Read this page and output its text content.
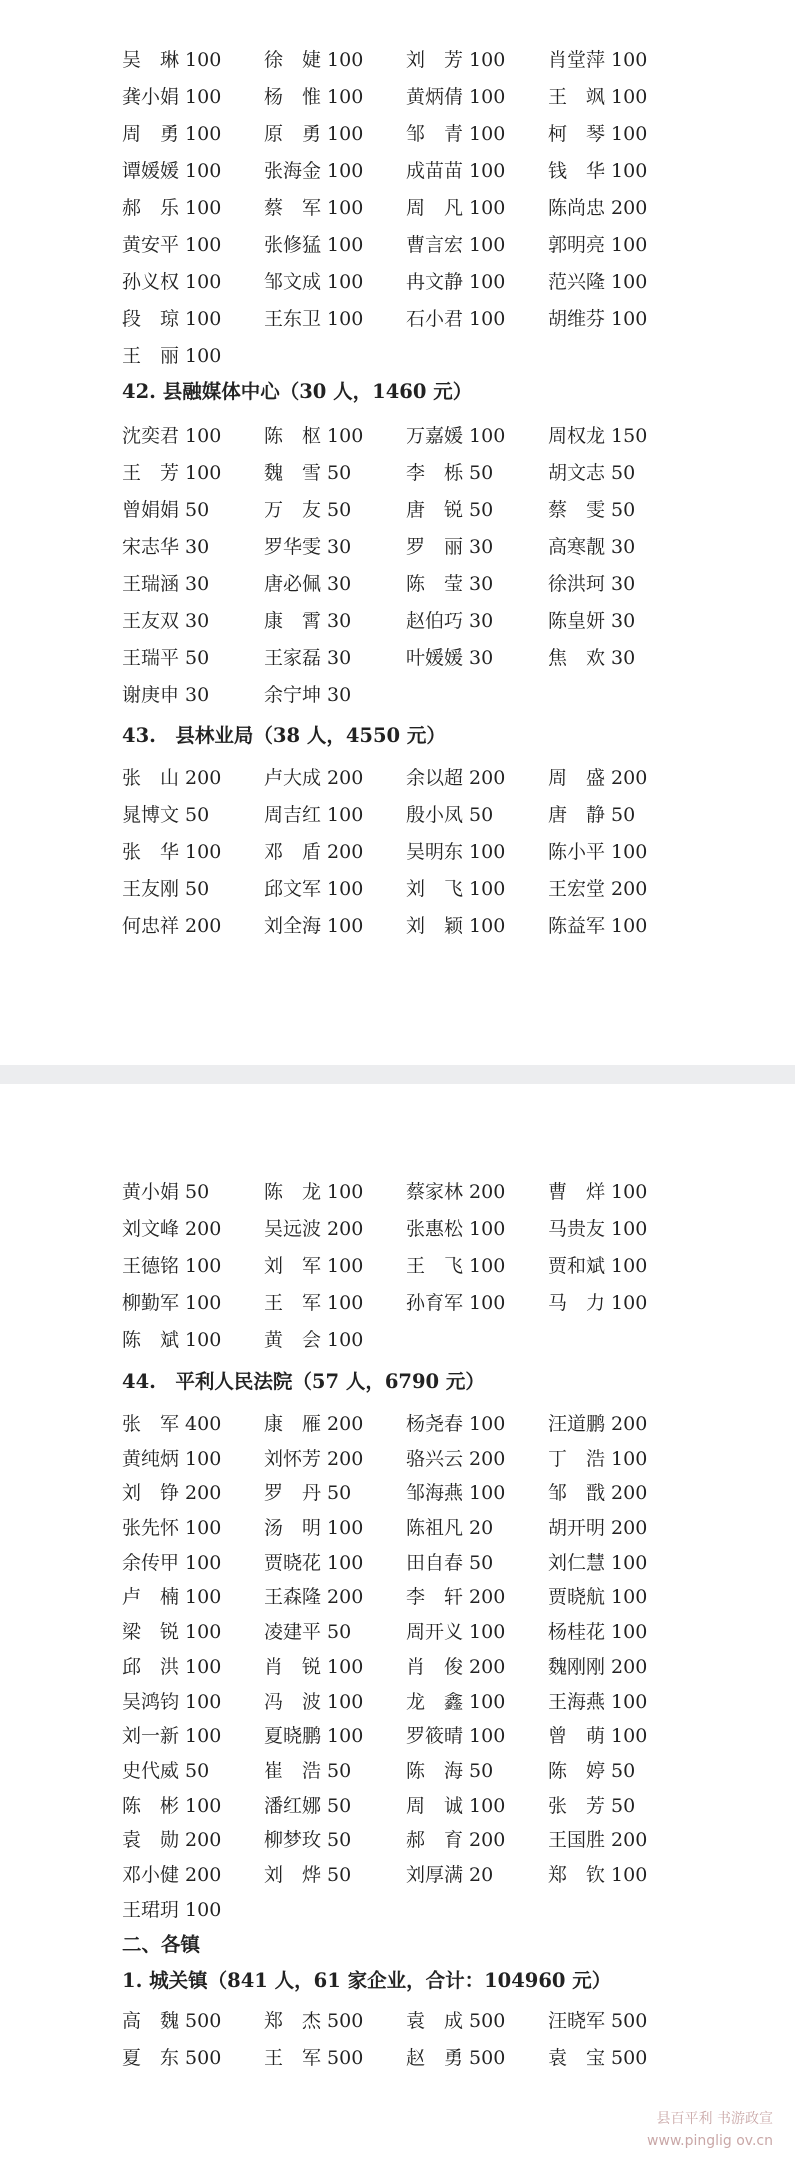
吴　琳 100 徐　婕 100 刘　芳 100 肖堂萍 100
龚小娟 100 杨　惟 100 黄炳倩 100 王　飒 100
周　勇 100 原　勇 100 邹　青 100 柯　琴 100
谭媛媛 100 张海金 100 成苗苗 100 钱　华 100
郝　乐 100 蔡　军 100 周　凡 100 陈尚忠 200
黄安平 100 张修猛 100 曹言宏 100 郭明亮 100
孙义权 100 邹文成 100 冉文静 100 范兴隆 100
段　琼 100 王东卫 100 石小君 100 胡维芬 100
王　丽 100
42. 县融媒体中心（30 人，1460 元）
沈奕君 100 陈　枢 100 万嘉媛 100 周权龙 150
王　芳 100 魏　雪 50	李　栎 50	胡文志 50
曾娟娟 50	万　友 50	唐　锐 50	蔡　雯 50
宋志华 30	罗华雯 30	罗　丽 30	高寒靓 30
王瑞涵 30	唐必佩 30	陈　莹 30	徐洪珂 30
王友双 30	康　霄 30	赵伯巧 30	陈皇妍 30
王瑞平 50	王家磊 30	叶媛媛 30	焦　欢 30
谢庚申 30	余宁坤 30
43.　县林业局（38 人，4550 元）
张　山 200 卢大成 200 余以超 200 周　盛 200
晁博文 50	周吉红 100 殷小凤 50	唐　静 50
张　华 100 邓　盾 200 吴明东 100 陈小平 100
王友刚 50	邱文军 100 刘　飞 100 王宏堂 200
何忠祥 200 刘全海 100 刘　颖 100 陈益军 100
黄小娟 50	陈　龙 100 蔡家林 200 曹　烊 100
刘文峰 200 吴远波 200 张惠松 100 马贵友 100
王德铭 100 刘　军 100 王　飞 100 贾和斌 100
柳勤军 100 王　军 100 孙育军 100 马　力 100
陈　斌 100 黄　会 100
44.　平利人民法院（57 人，6790 元）
张　军 400 康　雁 200 杨尧春 100 汪道鹏 200
黄纯炳 100 刘怀芳 200 骆兴云 200 丁　浩 100
刘　铮 200 罗　丹 50	邹海燕 100 邹　戬 200
张先怀 100 汤　明 100 陈祖凡 20	胡开明 200
余传甲 100 贾晓花 100 田自春 50	刘仁慧 100
卢　楠 100 王森隆 200 李　轩 200 贾晓航 100
梁　锐 100 凌建平 50	周开义 100 杨桂花 100
邱　洪 100 肖　锐 100 肖　俊 200 魏刚刚 200
吴鸿钧 100 冯　波 100 龙　鑫 100 王海燕 100
刘一新 100 夏晓鹏 100 罗筱晴 100 曾　萌 100
史代威 50	崔　浩 50	陈　海 50	陈　婷 50
陈　彬 100 潘红娜 50	周　诚 100 张　芳 50
袁　勋 200 柳梦玫 50	郝　育 200 王国胜 200
邓小健 200 刘　烨 50	刘厚满 20	郑　钦 100
王珺玥 100
二、各镇
1. 城关镇（841 人，61 家企业，合计：104960 元）
高　魏 500 郑　杰 500 袁　成 500 汪晓军 500
夏　东 500 王　军 500 赵　勇 500 袁　宝 500
县百平利 书游政宣
www.pinglig ov.cn
